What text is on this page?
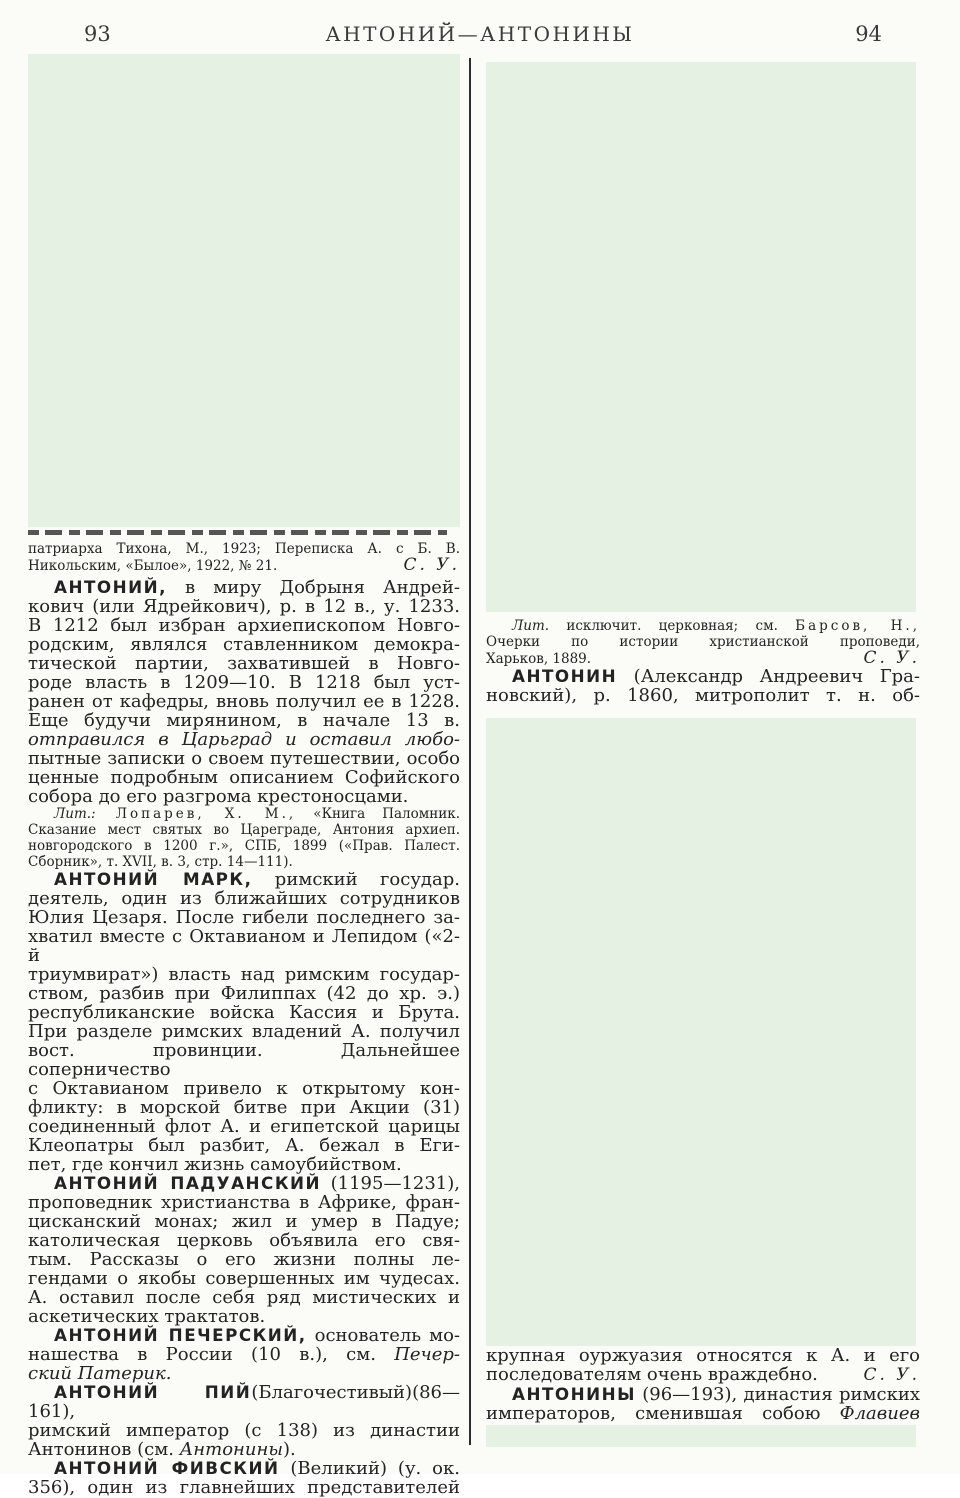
93	АНТОНИЙ—АНТОНИНЫ	94
патриарха Тихона, М., 1923; Переписка А. с Б. В.
Никольским, «Былое», 1922, № 21.	С. У.
АНТОНИЙ, в миру Добрыня Андрей-
кович (или Ядрейкович), р. в 12 в., у. 1233.
В 1212 был избран архиепископом Новго-
родским, являлся ставленником демокра-
тической партии, захватившей в Новго-
роде власть в 1209—10. В 1218 был уст-
ранен от кафедры, вновь получил ее в 1228.
Еще будучи мирянином, в начале 13 в.
отправился в Царьград и оставил любо-
пытные записки о своем путешествии, особо
ценные подробным описанием Софийского
собора до его разгрома крестоносцами.
Лит.: Лопарев, Х. М., «Книга Паломник.
Сказание мест святых во Цареграде, Антония архиеп.
новгородского в 1200 г.», СПБ, 1899 («Прав. Палест.
Сборник», т. XVII, в. 3, стр. 14—111).
АНТОНИЙ МАРК, римский государ.
деятель, один из ближайших сотрудников
Юлия Цезаря. После гибели последнего за-
хватил вместе с Октавианом и Лепидом («2-й
триумвират») власть над римским государ-
ством, разбив при Филиппах (42 до хр. э.)
республиканские войска Кассия и Брута.
При разделе римских владений А. получил
вост. провинции. Дальнейшее соперничество
с Октавианом привело к открытому кон-
фликту: в морской битве при Акции (31)
соединенный флот А. и египетской царицы
Клеопатры был разбит, А. бежал в Еги-
пет, где кончил жизнь самоубийством.
АНТОНИЙ ПАДУАНСКИЙ (1195—1231),
проповедник христианства в Африке, фран-
цисканский монах; жил и умер в Падуе;
католическая церковь объявила его свя-
тым. Рассказы о его жизни полны ле-
гендами о якобы совершенных им чудесах.
А. оставил после себя ряд мистических и
аскетических трактатов.
АНТОНИЙ ПЕЧЕРСКИЙ, основатель мо-
нашества в России (10 в.), см. Печер-
ский Патерик.
АНТОНИЙ ПИЙ(Благочестивый)(86—161),
римский император (с 138) из династии
Антонинов (см. Антонины).
АНТОНИЙ ФИВСКИЙ (Великий) (у. ок.
356), один из главнейших представителей
Лит. исключит. церковная; см. Барсов, Н.,
Очерки по истории христианской проповеди,
Харьков, 1889.	С. У.
АНТОНИН (Александр Андреевич Гра-
новский), р. 1860, митрополит т. н. об-
крупная оуржуазия относятся к А. и его
последователям очень враждебно.	С. У.
АНТОНИНЫ (96—193), династия римских
императоров, сменившая собою Флавиев
